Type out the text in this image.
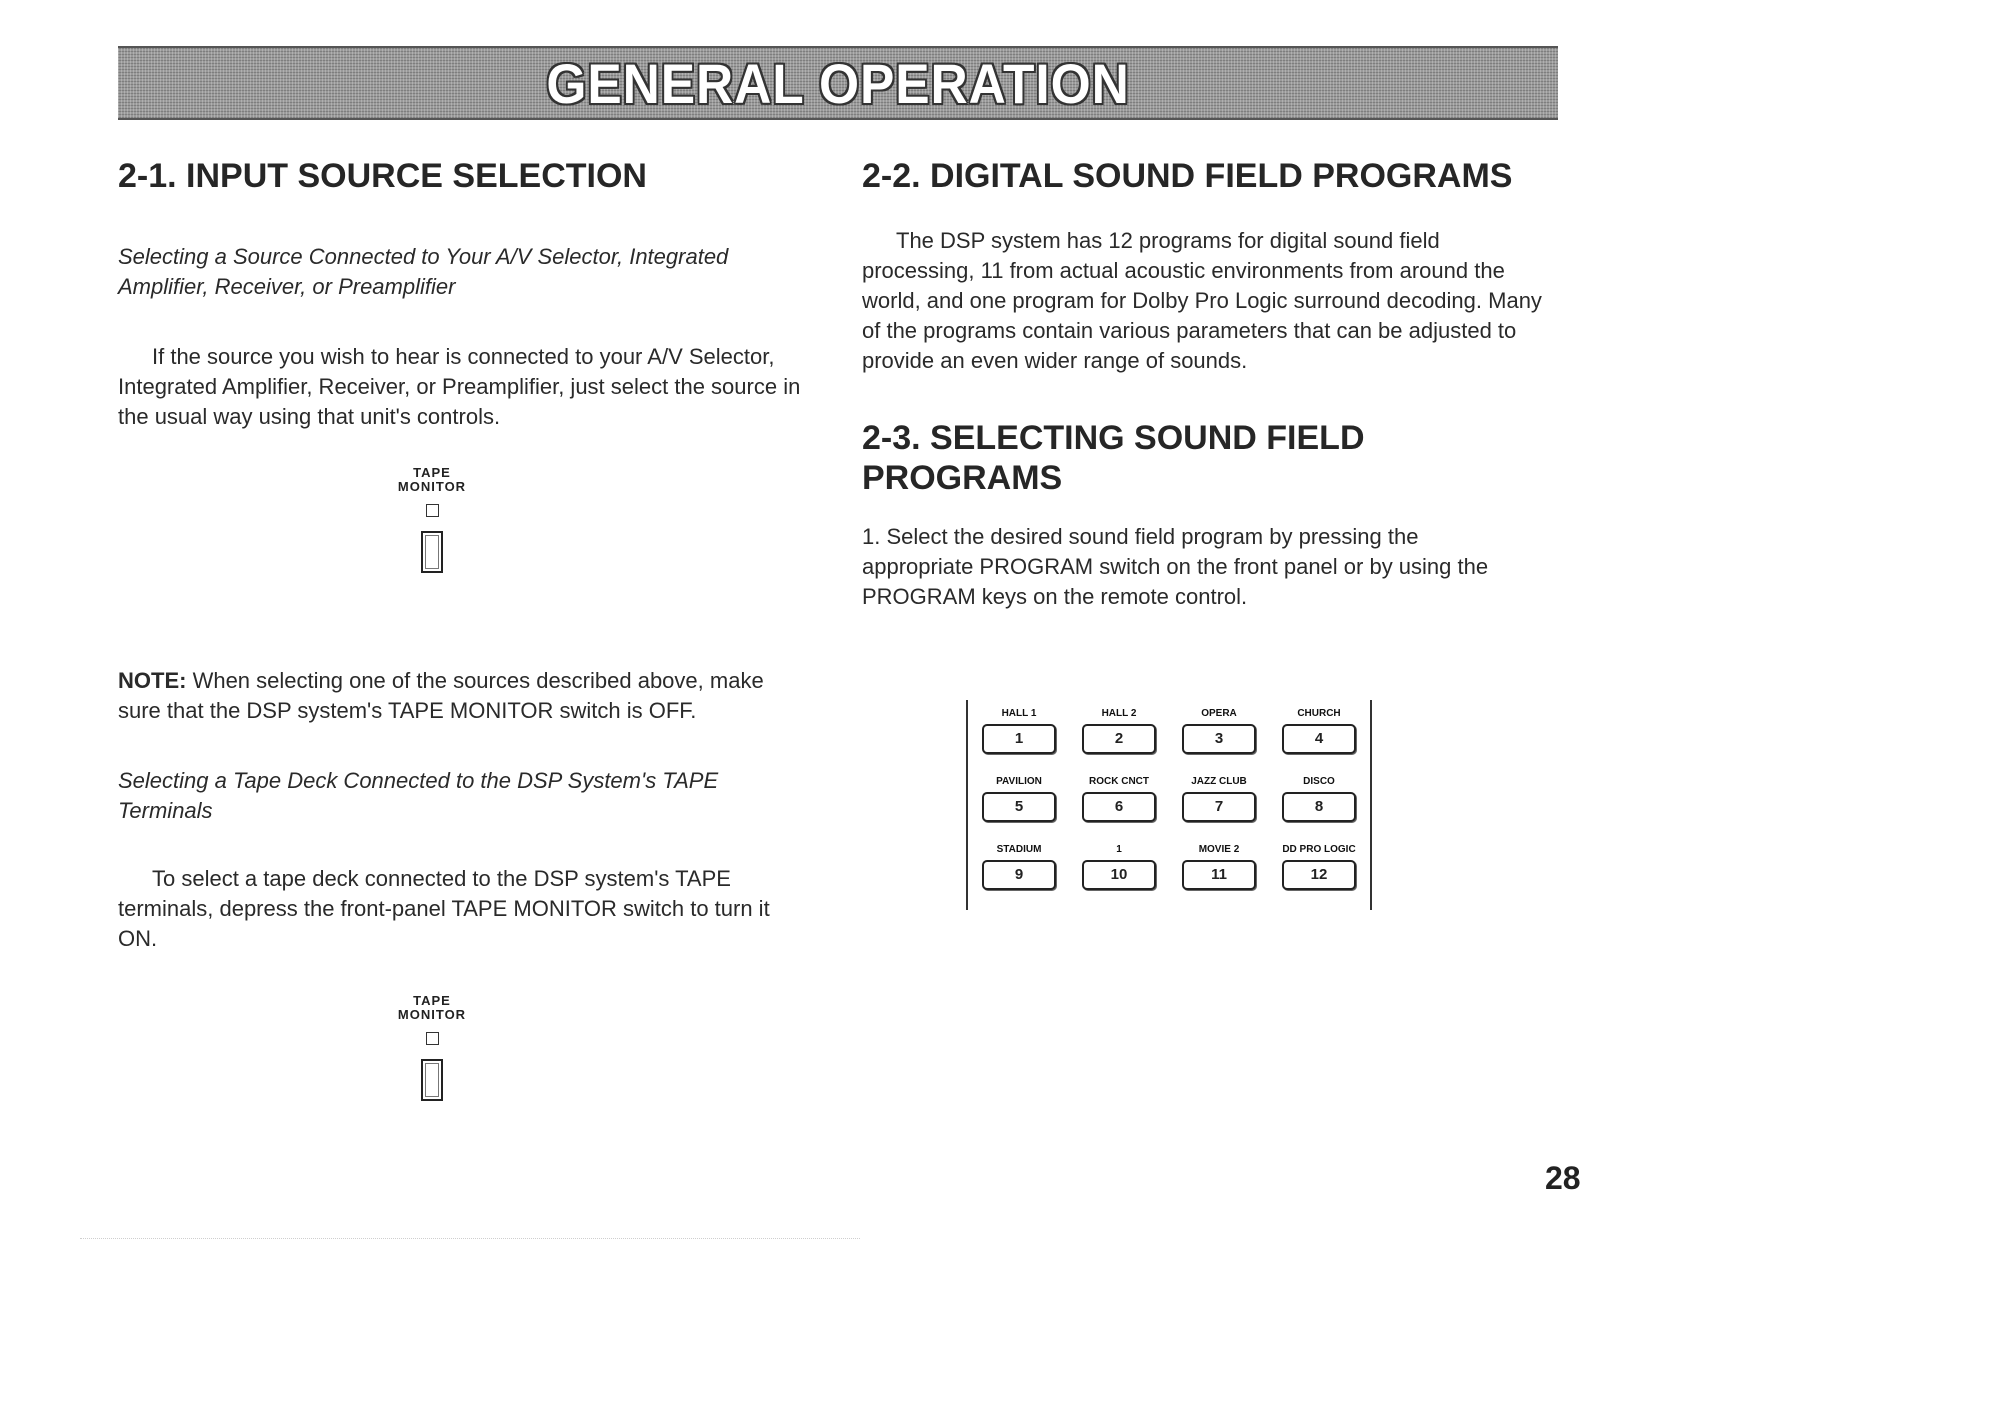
GENERAL OPERATION
2-1. INPUT SOURCE SELECTION

Selecting a Source Connected to Your A/V Selector, Integrated Amplifier, Receiver, or Preamplifier

If the source you wish to hear is connected to your A/V Selector, Integrated Amplifier, Receiver, or Preamplifier, just select the source in the usual way using that unit's controls.

TAPE
MONITOR

NOTE: When selecting one of the sources described above, make sure that the DSP system's TAPE MONITOR switch is OFF.

Selecting a Tape Deck Connected to the DSP System's TAPE Terminals

To select a tape deck connected to the DSP system's TAPE terminals, depress the front-panel TAPE MONITOR switch to turn it ON.

TAPE
MONITOR
2-2. DIGITAL SOUND FIELD PROGRAMS

The DSP system has 12 programs for digital sound field processing, 11 from actual acoustic environments from around the world, and one program for Dolby Pro Logic surround decoding. Many of the programs contain various parameters that can be adjusted to provide an even wider range of sounds.

2-3. SELECTING SOUND FIELD
PROGRAMS

1. Select the desired sound field program by pressing the appropriate PROGRAM switch on the front panel or by using the PROGRAM keys on the remote control.

HALL 1
1
HALL 2
2
OPERA
3
CHURCH
4
PAVILION
5
ROCK CNCT
6
JAZZ CLUB
7
DISCO
8
STADIUM
9
1
10
MOVIE 2
11
DD PRO LOGIC
12
28
